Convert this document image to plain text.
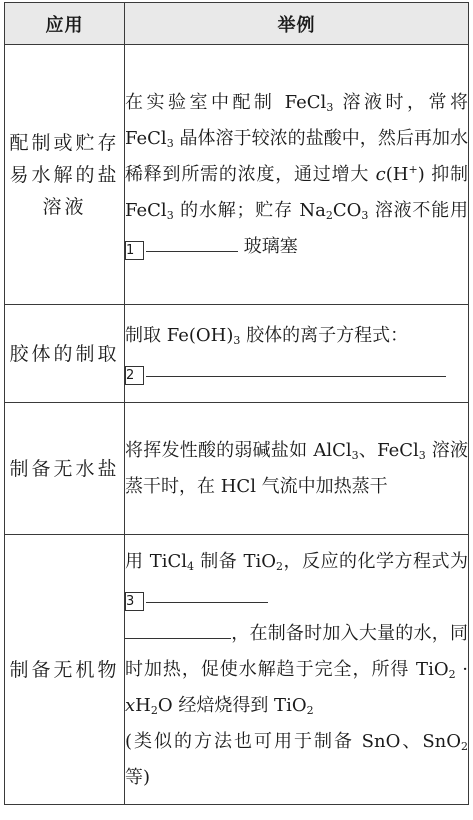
应用	举例
配制或贮存易水解的盐溶液	在实验室中配制 FeCl$_3$ 溶液时，常将 FeCl$_3$ 晶体溶于较浓的盐酸中，然后再加水稀释到所需的浓度，通过增大 c(H+) 抑制 FeCl$_3$ 的水解；贮存 $Na_2CO_3$ 溶液不能用1 玻璃塞
胶体的制取	制取 $Fe(OH)_3$ 胶体的离子方程式：
2
制备无水盐	将挥发性酸的弱碱盐如 AlCl$_3$、FeCl$_3$ 溶液蒸干时，在 HCl 气流中加热蒸干
制备无机物	用 TiCl$_4$ 制备 TiO$_2$，反应的化学方程式为3
，在制备时加入大量的水，同时加热，促使水解趋于完全，所得 $TiO_2 \cdot xH_2O$ 经焙烧得到 TiO$_2$
(类似的方法也可用于制备 SnO、SnO$_2$ 等)
